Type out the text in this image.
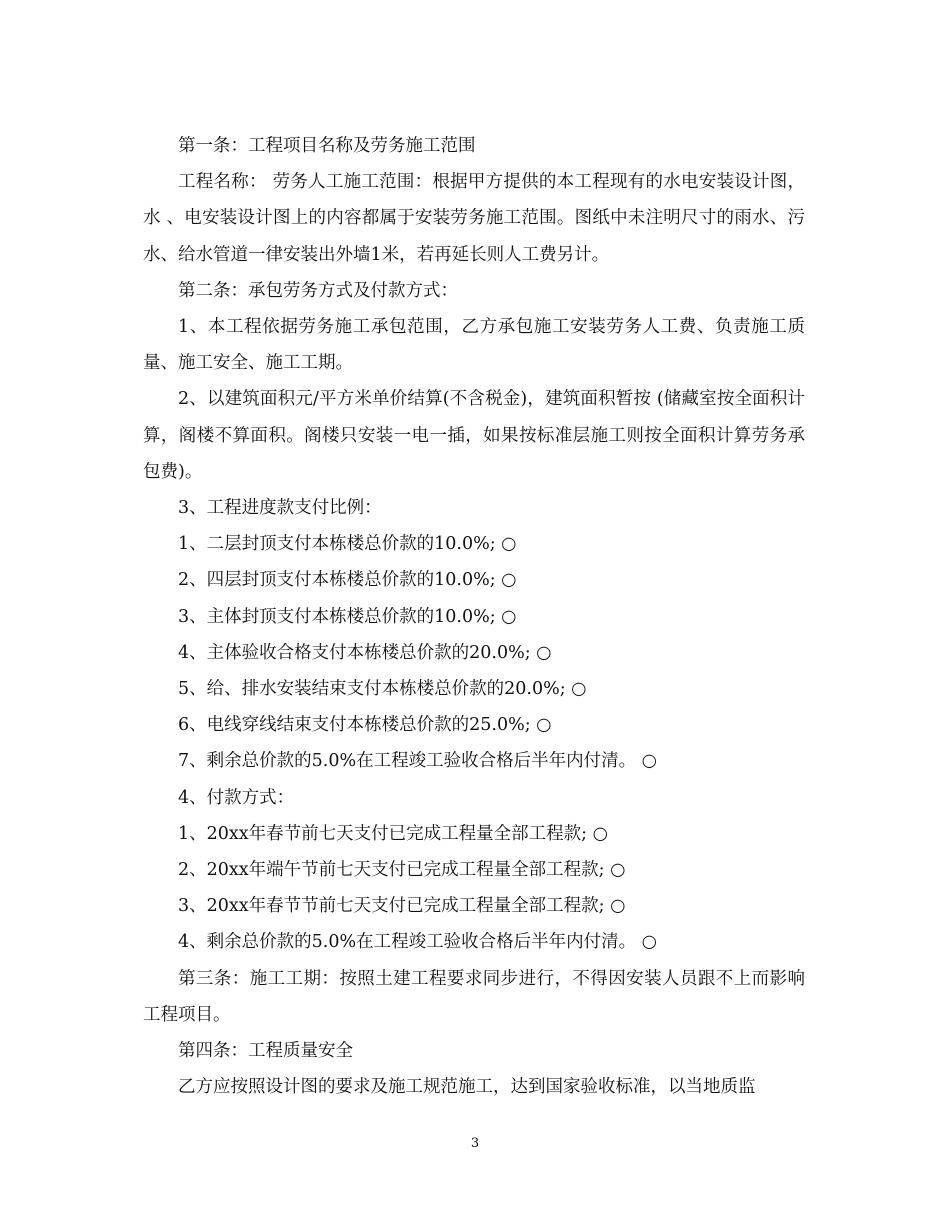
第一条：工程项目名称及劳务施工范围

工程名称： 劳务人工施工范围：根据甲方提供的本工程现有的水电安装设计图，水 、电安装设计图上的内容都属于安装劳务施工范围。图纸中未注明尺寸的雨水、污水、给水管道一律安装出外墙1米，若再延长则人工费另计。

第二条：承包劳务方式及付款方式：

1、本工程依据劳务施工承包范围，乙方承包施工安装劳务人工费、负责施工质量、施工安全、施工工期。

2、以建筑面积元/平方米单价结算(不含税金)，建筑面积暂按 (储藏室按全面积计算，阁楼不算面积。阁楼只安装一电一插，如果按标准层施工则按全面积计算劳务承包费)。

3、工程进度款支付比例：

1、二层封顶支付本栋楼总价款的10.0%; ○

2、四层封顶支付本栋楼总价款的10.0%; ○

3、主体封顶支付本栋楼总价款的10.0%; ○

4、主体验收合格支付本栋楼总价款的20.0%; ○

5、给、排水安装结束支付本栋楼总价款的20.0%; ○

6、电线穿线结束支付本栋楼总价款的25.0%; ○

7、剩余总价款的5.0%在工程竣工验收合格后半年内付清。 ○

4、付款方式：

1、20xx年春节前七天支付已完成工程量全部工程款; ○

2、20xx年端午节前七天支付已完成工程量全部工程款; ○

3、20xx年春节节前七天支付已完成工程量全部工程款; ○

4、剩余总价款的5.0%在工程竣工验收合格后半年内付清。 ○

第三条：施工工期：按照土建工程要求同步进行，不得因安装人员跟不上而影响工程项目。

第四条：工程质量安全

乙方应按照设计图的要求及施工规范施工，达到国家验收标准，以当地质监

3
